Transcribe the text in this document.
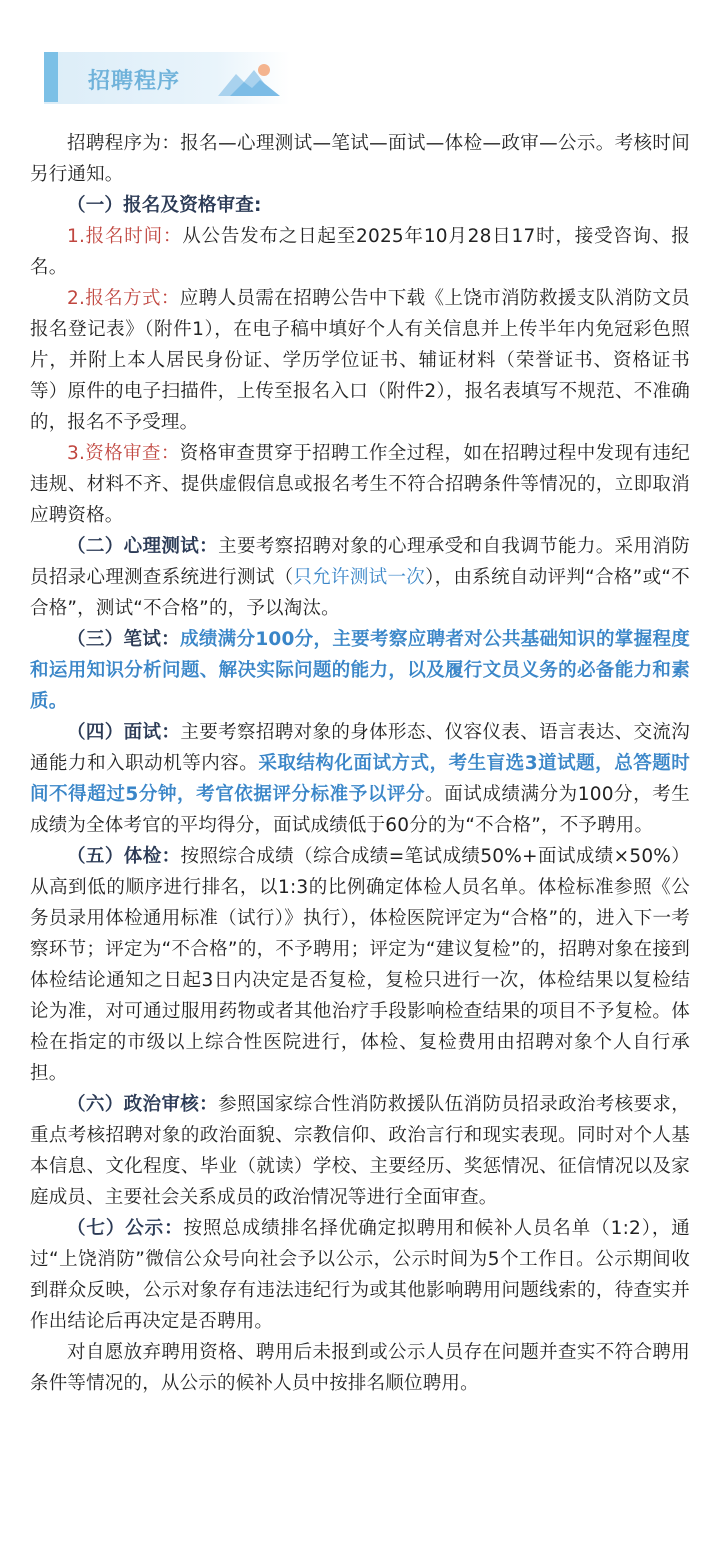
招聘程序

招聘程序为：报名—心理测试—笔试—面试—体检—政审—公示。考核时间另行通知。

（一）报名及资格审查:

1.报名时间：从公告发布之日起至2025年10月28日17时，接受咨询、报名。

2.报名方式：应聘人员需在招聘公告中下载《上饶市消防救援支队消防文员报名登记表》（附件1），在电子稿中填好个人有关信息并上传半年内免冠彩色照片，并附上本人居民身份证、学历学位证书、辅证材料（荣誉证书、资格证书等）原件的电子扫描件，上传至报名入口（附件2），报名表填写不规范、不准确的，报名不予受理。

3.资格审查：资格审查贯穿于招聘工作全过程，如在招聘过程中发现有违纪违规、材料不齐、提供虚假信息或报名考生不符合招聘条件等情况的，立即取消应聘资格。

（二）心理测试：主要考察招聘对象的心理承受和自我调节能力。采用消防员招录心理测查系统进行测试（只允许测试一次），由系统自动评判“合格”或“不合格”，测试“不合格”的，予以淘汰。

（三）笔试：成绩满分100分，主要考察应聘者对公共基础知识的掌握程度和运用知识分析问题、解决实际问题的能力，以及履行文员义务的必备能力和素质。

（四）面试：主要考察招聘对象的身体形态、仪容仪表、语言表达、交流沟通能力和入职动机等内容。采取结构化面试方式，考生盲选3道试题，总答题时间不得超过5分钟，考官依据评分标准予以评分。面试成绩满分为100分，考生成绩为全体考官的平均得分，面试成绩低于60分的为“不合格”，不予聘用。

（五）体检：按照综合成绩（综合成绩=笔试成绩50%+面试成绩×50%）从高到低的顺序进行排名，以1:3的比例确定体检人员名单。体检标准参照《公务员录用体检通用标准（试行）》执行），体检医院评定为“合格”的，进入下一考察环节；评定为“不合格”的，不予聘用；评定为“建议复检”的，招聘对象在接到体检结论通知之日起3日内决定是否复检，复检只进行一次，体检结果以复检结论为准，对可通过服用药物或者其他治疗手段影响检查结果的项目不予复检。体检在指定的市级以上综合性医院进行，体检、复检费用由招聘对象个人自行承担。

（六）政治审核：参照国家综合性消防救援队伍消防员招录政治考核要求，重点考核招聘对象的政治面貌、宗教信仰、政治言行和现实表现。同时对个人基本信息、文化程度、毕业（就读）学校、主要经历、奖惩情况、征信情况以及家庭成员、主要社会关系成员的政治情况等进行全面审查。

（七）公示：按照总成绩排名择优确定拟聘用和候补人员名单（1:2），通过“上饶消防”微信公众号向社会予以公示，公示时间为5个工作日。公示期间收到群众反映，公示对象存有违法违纪行为或其他影响聘用问题线索的，待查实并作出结论后再决定是否聘用。

对自愿放弃聘用资格、聘用后未报到或公示人员存在问题并查实不符合聘用条件等情况的，从公示的候补人员中按排名顺位聘用。
